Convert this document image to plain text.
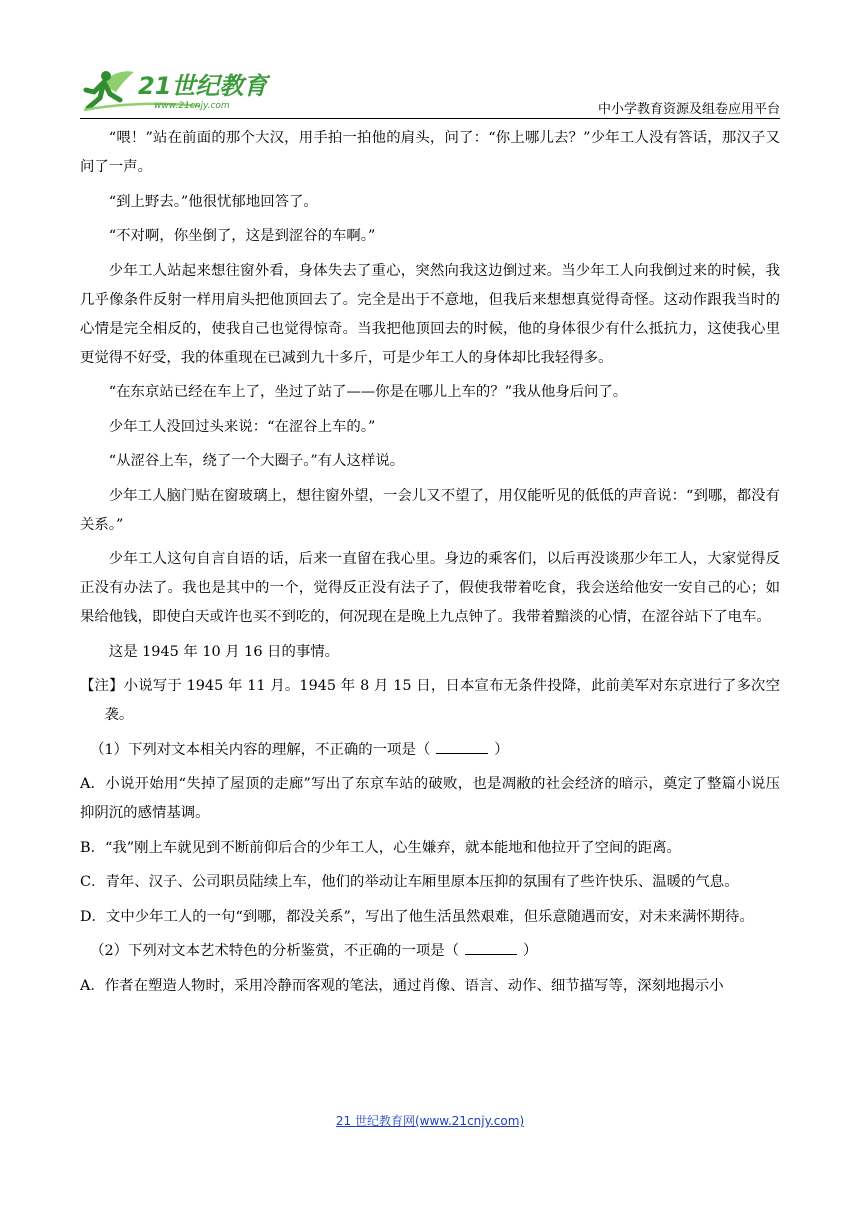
21世纪教育
www.21cnjy.com	中小学教育资源及组卷应用平台

“喂！”站在前面的那个大汉，用手拍一拍他的肩头，问了：“你上哪儿去？”少年工人没有答话，那汉子又问了一声。

“到上野去。”他很忧郁地回答了。

“不对啊，你坐倒了，这是到涩谷的车啊。”

少年工人站起来想往窗外看，身体失去了重心，突然向我这边倒过来。当少年工人向我倒过来的时候，我几乎像条件反射一样用肩头把他顶回去了。完全是出于不意地，但我后来想想真觉得奇怪。这动作跟我当时的心情是完全相反的，使我自己也觉得惊奇。当我把他顶回去的时候，他的身体很少有什么抵抗力，这使我心里更觉得不好受，我的体重现在已减到九十多斤，可是少年工人的身体却比我轻得多。

“在东京站已经在车上了，坐过了站了——你是在哪儿上车的？”我从他身后问了。

少年工人没回过头来说：“在涩谷上车的。”

“从涩谷上车，绕了一个大圈子。”有人这样说。

少年工人脑门贴在窗玻璃上，想往窗外望，一会儿又不望了，用仅能听见的低低的声音说：“到哪，都没有关系。”

少年工人这句自言自语的话，后来一直留在我心里。身边的乘客们，以后再没谈那少年工人，大家觉得反正没有办法了。我也是其中的一个，觉得反正没有法子了，假使我带着吃食，我会送给他安一安自己的心；如果给他钱，即使白天或许也买不到吃的，何况现在是晚上九点钟了。我带着黯淡的心情，在涩谷站下了电车。

这是 1945 年 10 月 16 日的事情。

【注】小说写于 1945 年 11 月。1945 年 8 月 15 日，日本宣布无条件投降，此前美军对东京进行了多次空袭。

（1）下列对文本相关内容的理解，不正确的一项是（	）

A．小说开始用“失掉了屋顶的走廊”写出了东京车站的破败，也是凋敝的社会经济的暗示，奠定了整篇小说压抑阴沉的感情基调。

B．“我”刚上车就见到不断前仰后合的少年工人，心生嫌弃，就本能地和他拉开了空间的距离。

C．青年、汉子、公司职员陆续上车，他们的举动让车厢里原本压抑的氛围有了些许快乐、温暖的气息。

D．文中少年工人的一句“到哪，都没关系”，写出了他生活虽然艰难，但乐意随遇而安，对未来满怀期待。

（2）下列对文本艺术特色的分析鉴赏，不正确的一项是（	）

A．作者在塑造人物时，采用冷静而客观的笔法，通过肖像、语言、动作、细节描写等，深刻地揭示小

21 世纪教育网(www.21cnjy.com)
